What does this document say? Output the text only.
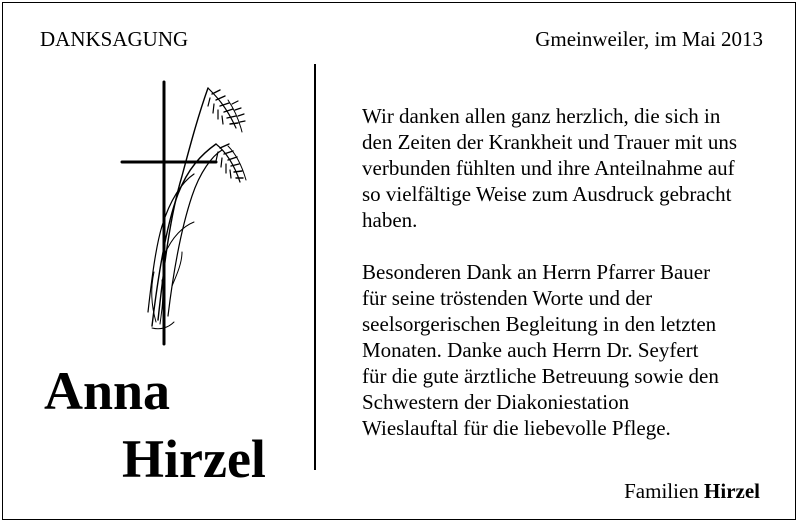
DANKSAGUNG	Gmeinweiler, im Mai 2013
Anna
Hirzel

Wir danken allen ganz herzlich, die sich in
den Zeiten der Krankheit und Trauer mit uns
verbunden fühlten und ihre Anteilnahme auf
so vielfältige Weise zum Ausdruck gebracht
haben.

Besonderen Dank an Herrn Pfarrer Bauer
für seine tröstenden Worte und der
seelsorgerischen Begleitung in den letzten
Monaten. Danke auch Herrn Dr. Seyfert
für die gute ärztliche Betreuung sowie den
Schwestern der Diakoniestation
Wieslauftal für die liebevolle Pflege.

Familien Hirzel
